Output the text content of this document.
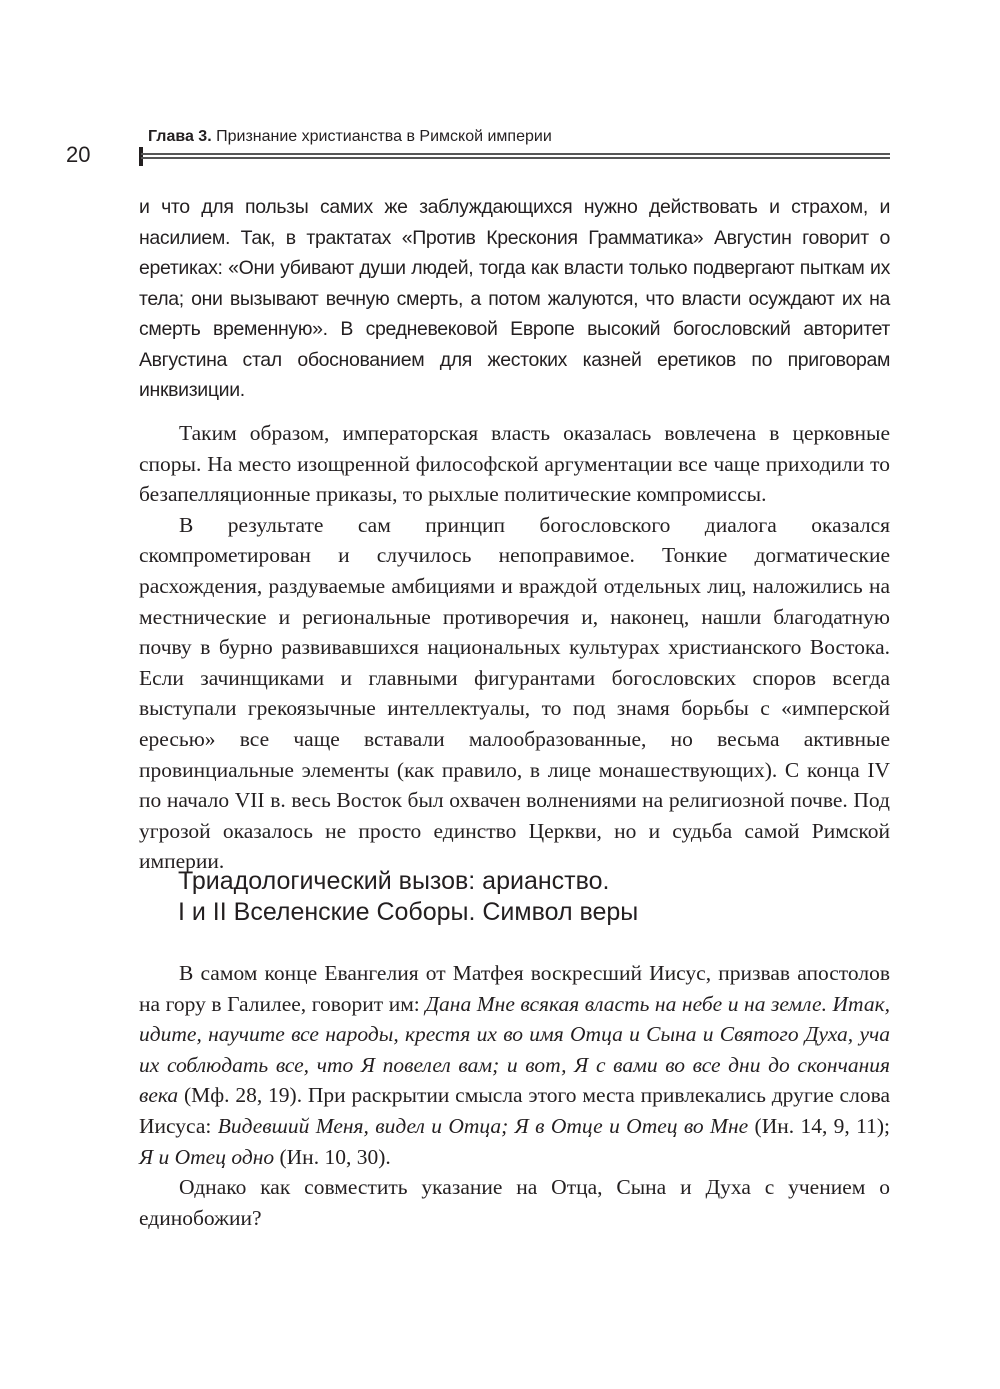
20
Глава 3. Признание христианства в Римской империи
и что для пользы самих же заблуждающихся нужно действовать и страхом, и насилием. Так, в трактатах «Против Крескония Грамматика» Августин говорит о еретиках: «Они убивают души людей, тогда как власти только подвергают пыткам их тела; они вызывают вечную смерть, а потом жалуются, что власти осуждают их на смерть временную». В средневековой Европе высокий богословский авторитет Августина стал обоснованием для жестоких казней еретиков по приговорам инквизиции.

Таким образом, императорская власть оказалась вовлечена в церковные споры. На место изощренной философской аргументации все чаще приходили то безапелляционные приказы, то рыхлые политические компромиссы.

В результате сам принцип богословского диалога оказался скомпрометирован и случилось непоправимое. Тонкие догматические расхождения, раздуваемые амбициями и враждой отдельных лиц, наложились на местнические и региональные противоречия и, наконец, нашли благодатную почву в бурно развивавшихся национальных культурах христианского Востока. Если зачинщиками и главными фигурантами богословских споров всегда выступали грекоязычные интеллектуалы, то под знамя борьбы с «имперской ересью» все чаще вставали малообразованные, но весьма активные провинциальные элементы (как правило, в лице монашествующих). С конца IV по начало VII в. весь Восток был охвачен волнениями на религиозной почве. Под угрозой оказалось не просто единство Церкви, но и судьба самой Римской империи.

Триадологический вызов: арианство.
I и II Вселенские Соборы. Символ веры

В самом конце Евангелия от Матфея воскресший Иисус, призвав апостолов на гору в Галилее, говорит им: Дана Мне всякая власть на небе и на земле. Итак, идите, научите все народы, крестя их во имя Отца и Сына и Святого Духа, уча их соблюдать все, что Я повелел вам; и вот, Я с вами во все дни до скончания века (Мф. 28, 19). При раскрытии смысла этого места привлекались другие слова Иисуса: Видевший Меня, видел и Отца; Я в Отце и Отец во Мне (Ин. 14, 9, 11); Я и Отец одно (Ин. 10, 30).

Однако как совместить указание на Отца, Сына и Духа с учением о единобожии?
